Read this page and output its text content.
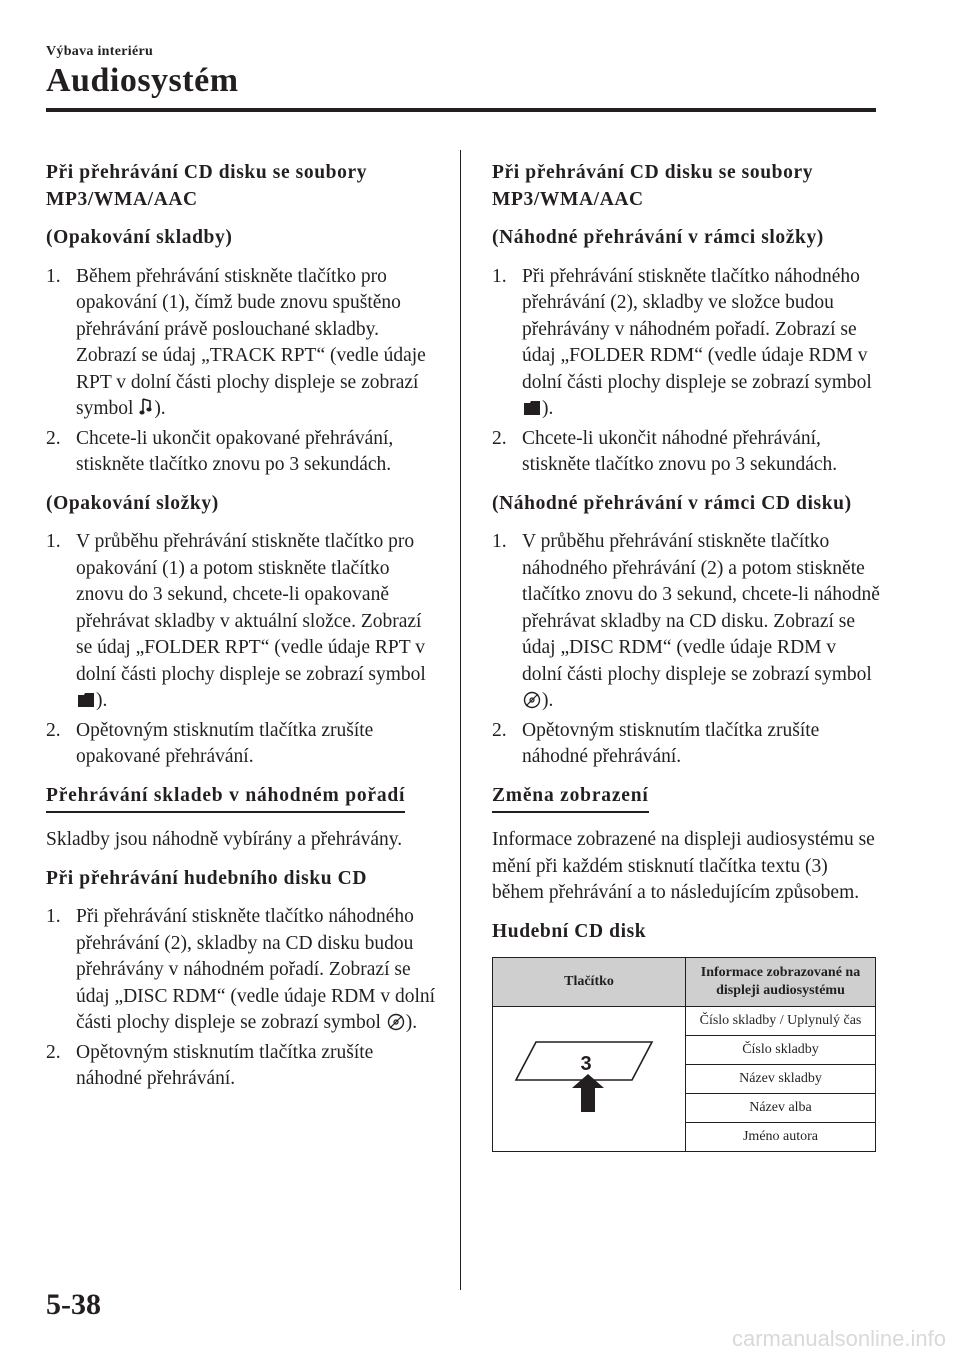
Výbava interiéru
Audiosystém
Při přehrávání CD disku se soubory MP3/WMA/AAC
(Opakování skladby)
1. Během přehrávání stiskněte tlačítko pro opakování (1), čímž bude znovu spuštěno přehrávání právě poslouchané skladby. Zobrazí se údaj „TRACK RPT“ (vedle údaje RPT v dolní části plochy displeje se zobrazí symbol ).
2. Chcete-li ukončit opakované přehrávání, stiskněte tlačítko znovu po 3 sekundách.
(Opakování složky)
1. V průběhu přehrávání stiskněte tlačítko pro opakování (1) a potom stiskněte tlačítko znovu do 3 sekund, chcete-li opakovaně přehrávat skladby v aktuální složce. Zobrazí se údaj „FOLDER RPT“ (vedle údaje RPT v dolní části plochy displeje se zobrazí symbol ).
2. Opětovným stisknutím tlačítka zrušíte opakované přehrávání.
Přehrávání skladeb v náhodném pořadí
Skladby jsou náhodně vybírány a přehrávány.
Při přehrávání hudebního disku CD
1. Při přehrávání stiskněte tlačítko náhodného přehrávání (2), skladby na CD disku budou přehrávány v náhodném pořadí. Zobrazí se údaj „DISC RDM“ (vedle údaje RDM v dolní části plochy displeje se zobrazí symbol ).
2. Opětovným stisknutím tlačítka zrušíte náhodné přehrávání.
Při přehrávání CD disku se soubory MP3/WMA/AAC
(Náhodné přehrávání v rámci složky)
1. Při přehrávání stiskněte tlačítko náhodného přehrávání (2), skladby ve složce budou přehrávány v náhodném pořadí. Zobrazí se údaj „FOLDER RDM“ (vedle údaje RDM v dolní části plochy displeje se zobrazí symbol ).
2. Chcete-li ukončit náhodné přehrávání, stiskněte tlačítko znovu po 3 sekundách.
(Náhodné přehrávání v rámci CD disku)
1. V průběhu přehrávání stiskněte tlačítko náhodného přehrávání (2) a potom stiskněte tlačítko znovu do 3 sekund, chcete-li náhodně přehrávat skladby na CD disku. Zobrazí se údaj „DISC RDM“ (vedle údaje RDM v dolní části plochy displeje se zobrazí symbol ).
2. Opětovným stisknutím tlačítka zrušíte náhodné přehrávání.
Změna zobrazení
Informace zobrazené na displeji audiosystému se mění při každém stisknutí tlačítka textu (3) během přehrávání a to následujícím způsobem.
Hudební CD disk
Tlačítko	Informace zobrazované na displeji audiosystému

3	Číslo skladby / Uplynulý čas
	Číslo skladby
	Název skladby
	Název alba
	Jméno autora
5-38
carmanualsonline.info
